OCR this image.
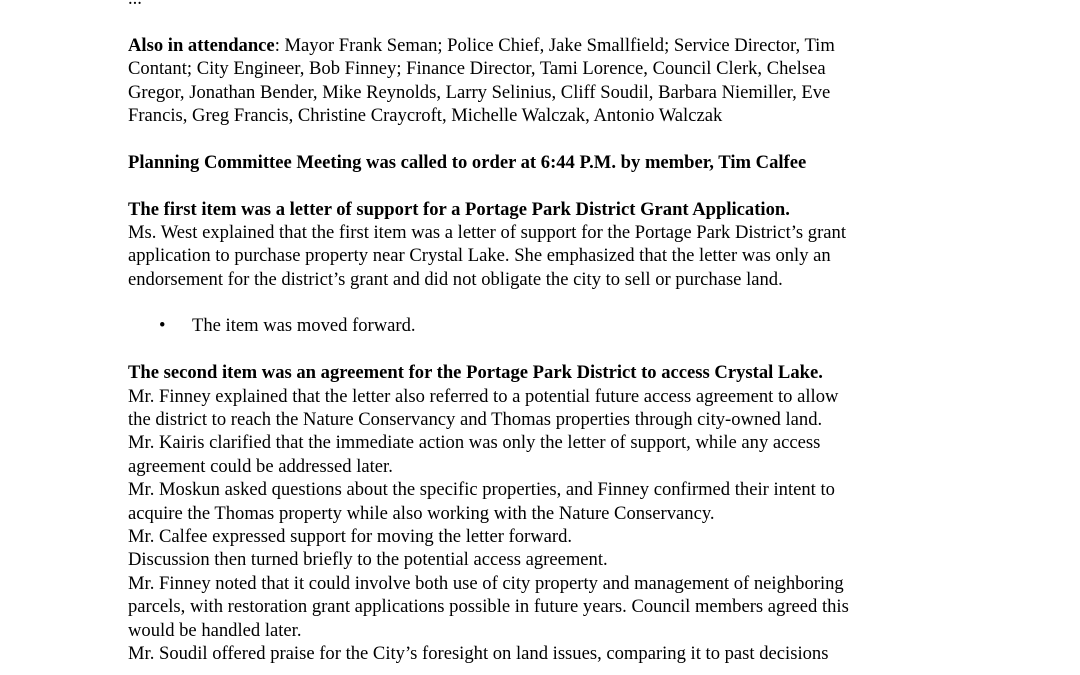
Also in attendance: Mayor Frank Seman; Police Chief, Jake Smallfield; Service Director, Tim
Contant; City Engineer, Bob Finney; Finance Director, Tami Lorence, Council Clerk, Chelsea
Gregor, Jonathan Bender, Mike Reynolds, Larry Selinius, Cliff Soudil, Barbara Niemiller, Eve
Francis, Greg Francis, Christine Craycroft, Michelle Walczak, Antonio Walczak
Planning Committee Meeting was called to order at 6:44 P.M. by member, Tim Calfee
The first item was a letter of support for a Portage Park District Grant Application.
Ms. West explained that the first item was a letter of support for the Portage Park District’s grant
application to purchase property near Crystal Lake. She emphasized that the letter was only an
endorsement for the district’s grant and did not obligate the city to sell or purchase land.
• The item was moved forward.
The second item was an agreement for the Portage Park District to access Crystal Lake.
Mr. Finney explained that the letter also referred to a potential future access agreement to allow
the district to reach the Nature Conservancy and Thomas properties through city-owned land.
Mr. Kairis clarified that the immediate action was only the letter of support, while any access
agreement could be addressed later.
Mr. Moskun asked questions about the specific properties, and Finney confirmed their intent to
acquire the Thomas property while also working with the Nature Conservancy.
Mr. Calfee expressed support for moving the letter forward.
Discussion then turned briefly to the potential access agreement.
Mr. Finney noted that it could involve both use of city property and management of neighboring
parcels, with restoration grant applications possible in future years. Council members agreed this
would be handled later.
Mr. Soudil offered praise for the City’s foresight on land issues, comparing it to past decisions
